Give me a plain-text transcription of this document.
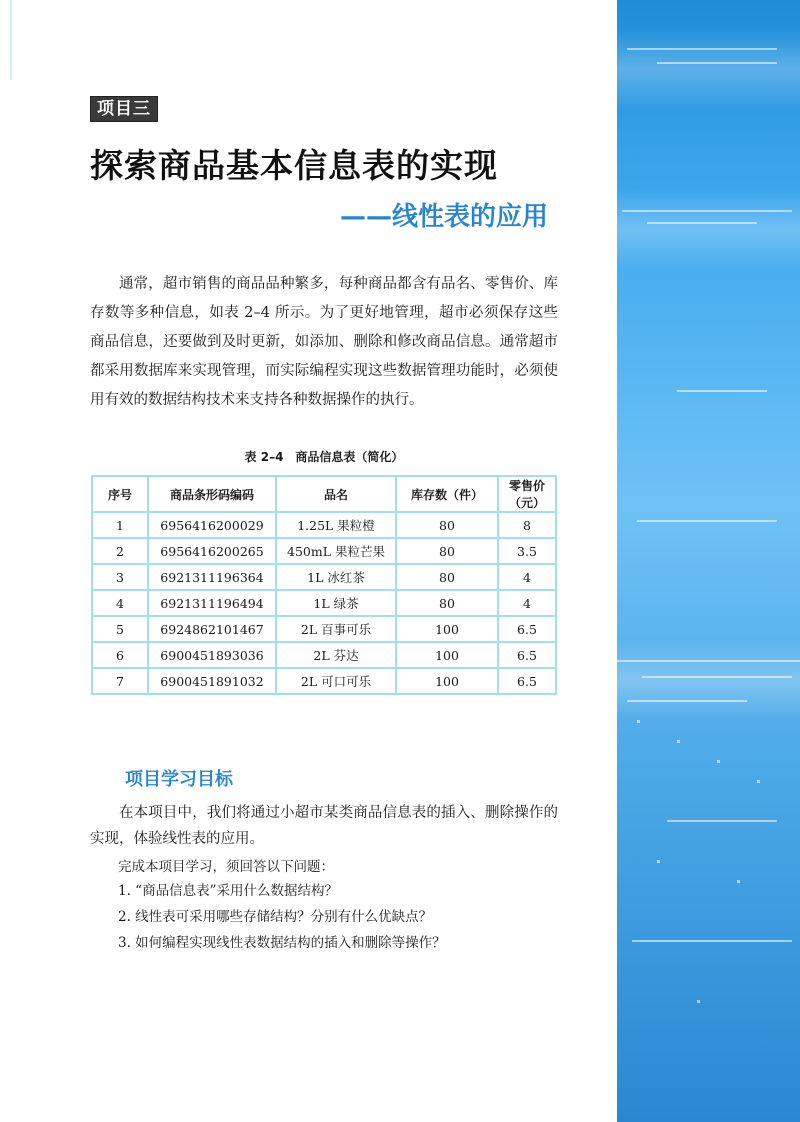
项目三
探索商品基本信息表的实现
——线性表的应用

通常，超市销售的商品品种繁多，每种商品都含有品名、零售价、库存数等多种信息，如表 2–4 所示。为了更好地管理，超市必须保存这些商品信息，还要做到及时更新，如添加、删除和修改商品信息。通常超市都采用数据库来实现管理，而实际编程实现这些数据管理功能时，必须使用有效的数据结构技术来支持各种数据操作的执行。

表 2–4　商品信息表（简化）
序号	商品条形码编码	品名	库存数（件）	零售价（元）
1	6956416200029	1.25L 果粒橙	80	8
2	6956416200265	450mL 果粒芒果	80	3.5
3	6921311196364	1L 冰红茶	80	4
4	6921311196494	1L 绿茶	80	4
5	6924862101467	2L 百事可乐	100	6.5
6	6900451893036	2L 芬达	100	6.5
7	6900451891032	2L 可口可乐	100	6.5
项目学习目标

在本项目中，我们将通过小超市某类商品信息表的插入、删除操作的实现，体验线性表的应用。

完成本项目学习，须回答以下问题：

1. “商品信息表”采用什么数据结构？
2. 线性表可采用哪些存储结构？分别有什么优缺点？
3. 如何编程实现线性表数据结构的插入和删除等操作？
